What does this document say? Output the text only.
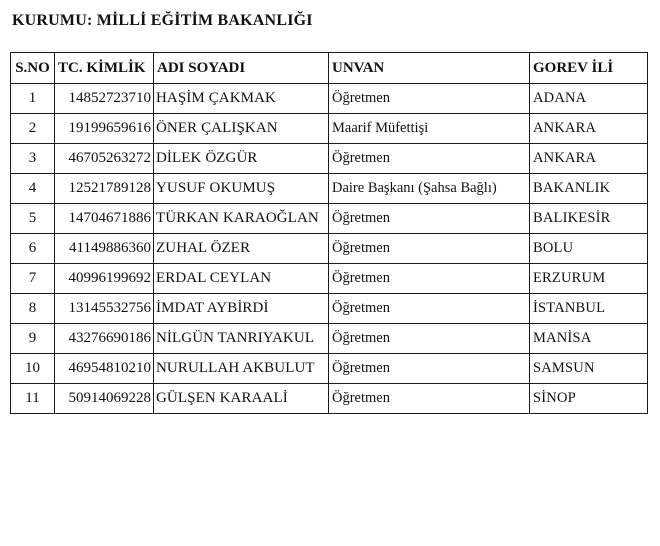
KURUMU: MİLLİ EĞİTİM BAKANLIĞI
S.NO	TC. KİMLİK	ADI SOYADI	UNVAN	GOREV İLİ
1	14852723710	HAŞİM ÇAKMAK	Öğretmen	ADANA
2	19199659616	ÖNER ÇALIŞKAN	Maarif Müfettişi	ANKARA
3	46705263272	DİLEK ÖZGÜR	Öğretmen	ANKARA
4	12521789128	YUSUF OKUMUŞ	Daire Başkanı (Şahsa Bağlı)	BAKANLIK
5	14704671886	TÜRKAN KARAOĞLAN	Öğretmen	BALIKESİR
6	41149886360	ZUHAL ÖZER	Öğretmen	BOLU
7	40996199692	ERDAL CEYLAN	Öğretmen	ERZURUM
8	13145532756	İMDAT AYBİRDİ	Öğretmen	İSTANBUL
9	43276690186	NİLGÜN TANRIYAKUL	Öğretmen	MANİSA
10	46954810210	NURULLAH AKBULUT	Öğretmen	SAMSUN
11	50914069228	GÜLŞEN KARAALİ	Öğretmen	SİNOP
